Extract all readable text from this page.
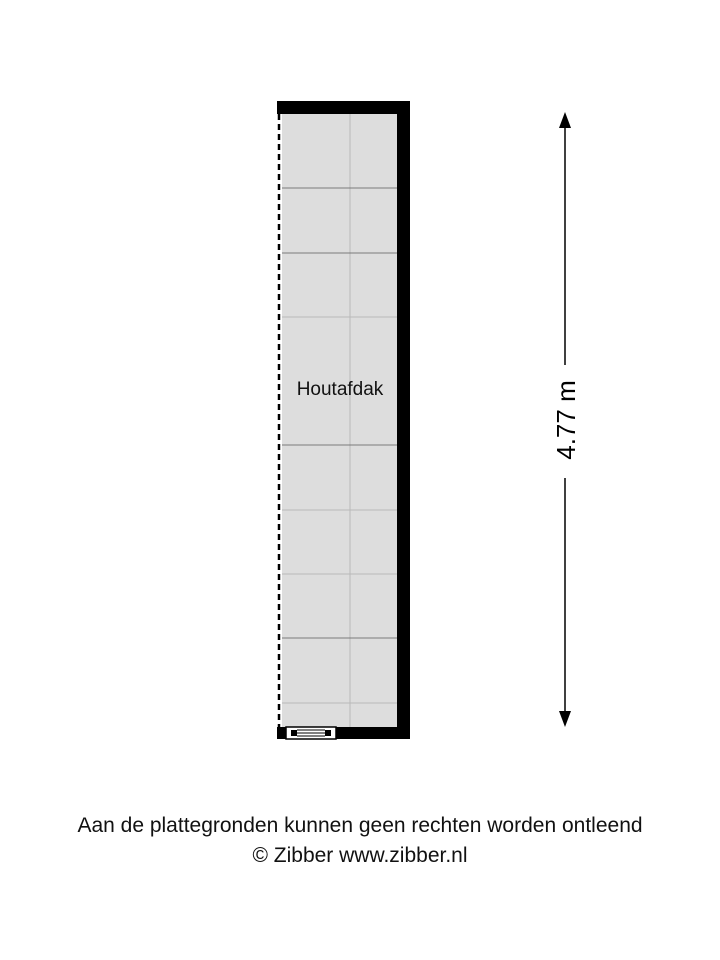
Houtafdak	4.77 m
Aan de plattegronden kunnen geen rechten worden ontleend
© Zibber www.zibber.nl
